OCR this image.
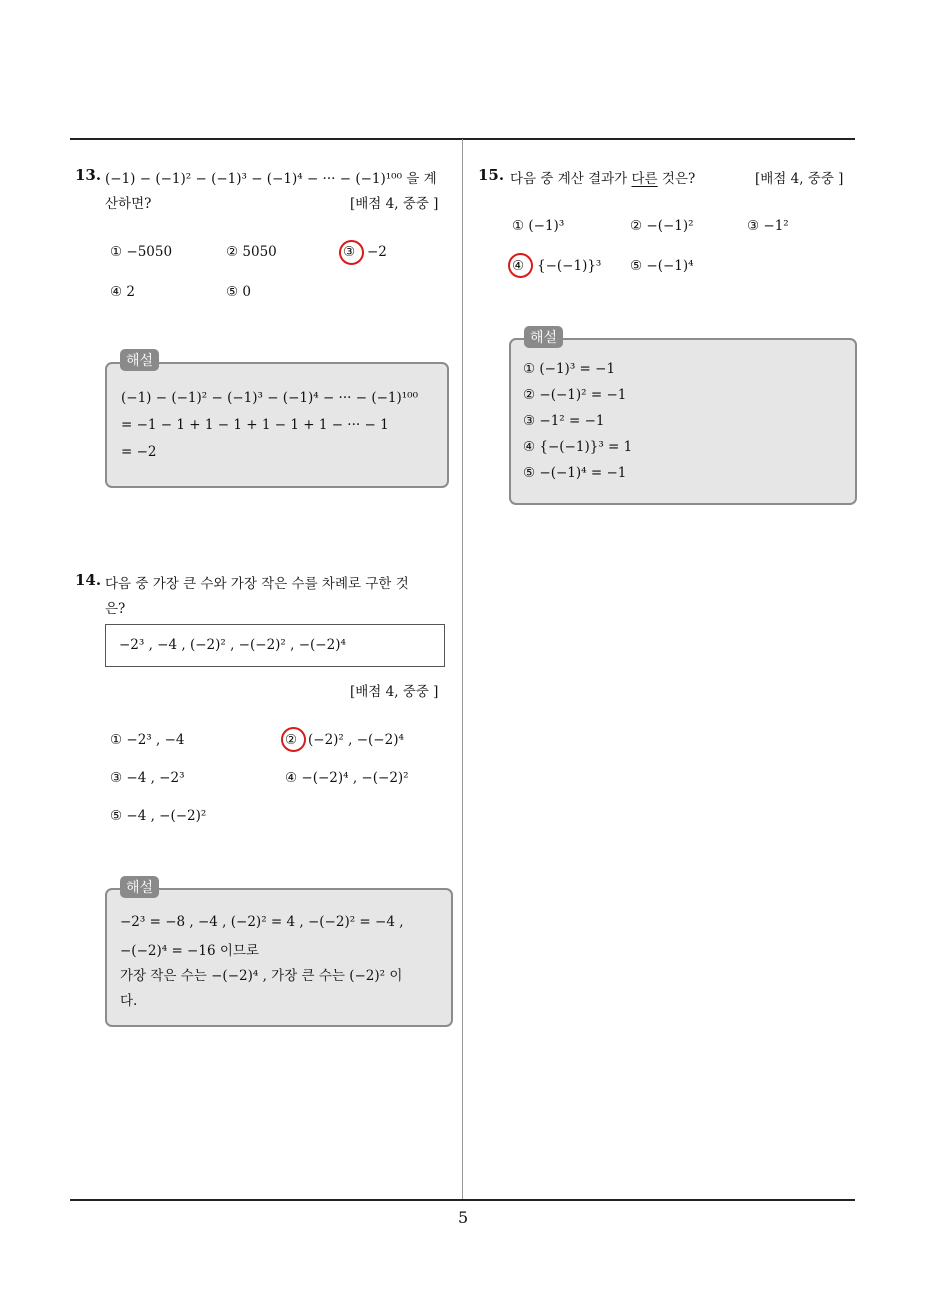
13. (−1) − (−1)² − (−1)³ − (−1)⁴ − ··· − (−1)¹⁰⁰ 을 계
산하면?	[배점 4, 중중 ]
① −5050	② 5050	③ −2
④ 2	⑤ 0
(−1) − (−1)² − (−1)³ − (−1)⁴ − ··· − (−1)¹⁰⁰
= −1 − 1 + 1 − 1 + 1 − 1 + 1 − ··· − 1
= −2
해설
14. 다음 중 가장 큰 수와 가장 작은 수를 차례로 구한 것
은?
−2³ , −4 , (−2)² , −(−2)² , −(−2)⁴
[배점 4, 중중 ]
① −2³ , −4	② (−2)² , −(−2)⁴
③ −4 , −2³	④ −(−2)⁴ , −(−2)²
⑤ −4 , −(−2)²
−2³ = −8 , −4 , (−2)² = 4 , −(−2)² = −4 ,
−(−2)⁴ = −16 이므로
가장 작은 수는 −(−2)⁴ , 가장 큰 수는 (−2)² 이
다.
해설
15. 다음 중 계산 결과가 다른 것은?	[배점 4, 중중 ]
① (−1)³	② −(−1)²	③ −1²
④ {−(−1)}³ ⑤ −(−1)⁴
① (−1)³ = −1
② −(−1)² = −1
③ −1² = −1
④ {−(−1)}³ = 1
⑤ −(−1)⁴ = −1
해설
5
